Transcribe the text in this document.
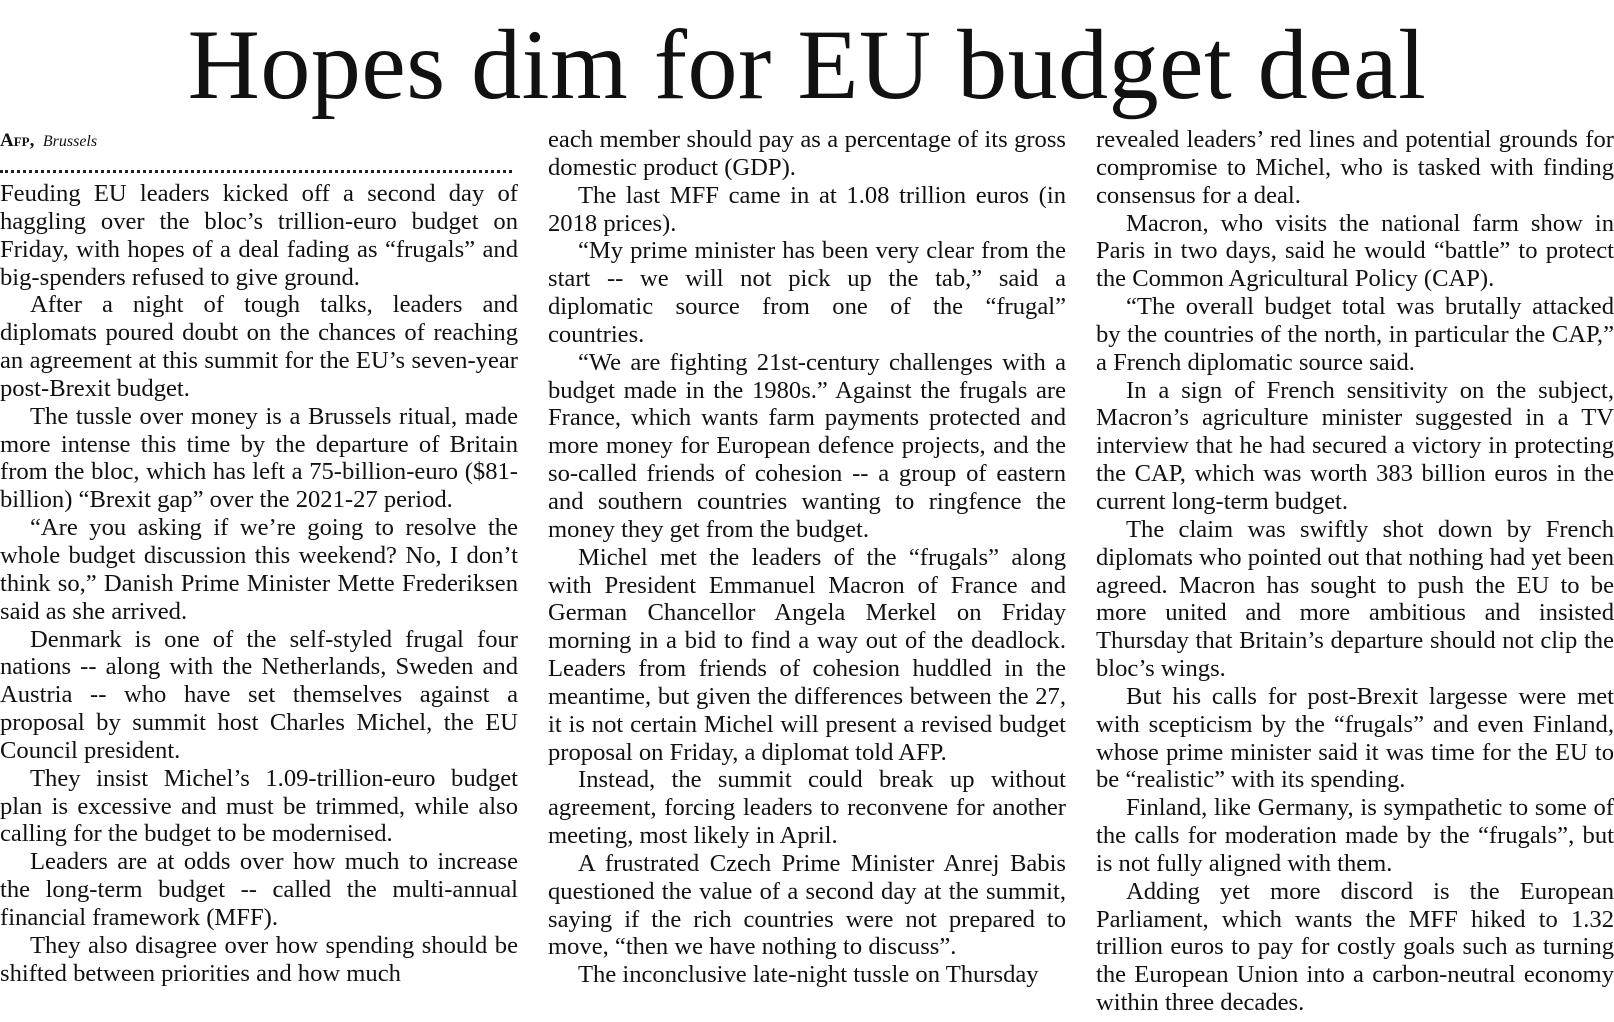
Hopes dim for EU budget deal
Afp, Brussels

Feuding EU leaders kicked off a second day of haggling over the bloc’s trillion-euro budget on Friday, with hopes of a deal fading as “frugals” and big-spenders refused to give ground.

After a night of tough talks, leaders and diplomats poured doubt on the chances of reaching an agreement at this summit for the EU’s seven-year post-Brexit budget.

The tussle over money is a Brussels ritual, made more intense this time by the departure of Britain from the bloc, which has left a 75-billion-euro ($81-billion) “Brexit gap” over the 2021-27 period.

“Are you asking if we’re going to resolve the whole budget discussion this weekend? No, I don’t think so,” Danish Prime Minister Mette Frederiksen said as she arrived.

Denmark is one of the self-styled frugal four nations -- along with the Netherlands, Sweden and Austria -- who have set themselves against a proposal by summit host Charles Michel, the EU Council president.

They insist Michel’s 1.09-trillion-euro budget plan is excessive and must be trimmed, while also calling for the budget to be modernised.

Leaders are at odds over how much to increase the long-term budget -- called the multi-annual financial framework (MFF).

They also disagree over how spending should be shifted between priorities and how much

each member should pay as a percentage of its gross domestic product (GDP).

The last MFF came in at 1.08 trillion euros (in 2018 prices).

“My prime minister has been very clear from the start -- we will not pick up the tab,” said a diplomatic source from one of the “frugal” countries.

“We are fighting 21st-century challenges with a budget made in the 1980s.” Against the frugals are France, which wants farm payments protected and more money for European defence projects, and the so-called friends of cohesion -- a group of eastern and southern countries wanting to ringfence the money they get from the budget.

Michel met the leaders of the “frugals” along with President Emmanuel Macron of France and German Chancellor Angela Merkel on Friday morning in a bid to find a way out of the deadlock. Leaders from friends of cohesion huddled in the meantime, but given the differences between the 27, it is not certain Michel will present a revised budget proposal on Friday, a diplomat told AFP.

Instead, the summit could break up without agreement, forcing leaders to reconvene for another meeting, most likely in April.

A frustrated Czech Prime Minister Anrej Babis questioned the value of a second day at the summit, saying if the rich countries were not prepared to move, “then we have nothing to discuss”.

The inconclusive late-night tussle on Thursday

revealed leaders’ red lines and potential grounds for compromise to Michel, who is tasked with finding consensus for a deal.

Macron, who visits the national farm show in Paris in two days, said he would “battle” to protect the Common Agricultural Policy (CAP).

“The overall budget total was brutally attacked by the countries of the north, in particular the CAP,” a French diplomatic source said.

In a sign of French sensitivity on the subject, Macron’s agriculture minister suggested in a TV interview that he had secured a victory in protecting the CAP, which was worth 383 billion euros in the current long-term budget.

The claim was swiftly shot down by French diplomats who pointed out that nothing had yet been agreed. Macron has sought to push the EU to be more united and more ambitious and insisted Thursday that Britain’s departure should not clip the bloc’s wings.

But his calls for post-Brexit largesse were met with scepticism by the “frugals” and even Finland, whose prime minister said it was time for the EU to be “realistic” with its spending.

Finland, like Germany, is sympathetic to some of the calls for moderation made by the “frugals”, but is not fully aligned with them.

Adding yet more discord is the European Parliament, which wants the MFF hiked to 1.32 trillion euros to pay for costly goals such as turning the European Union into a carbon-neutral economy within three decades.
